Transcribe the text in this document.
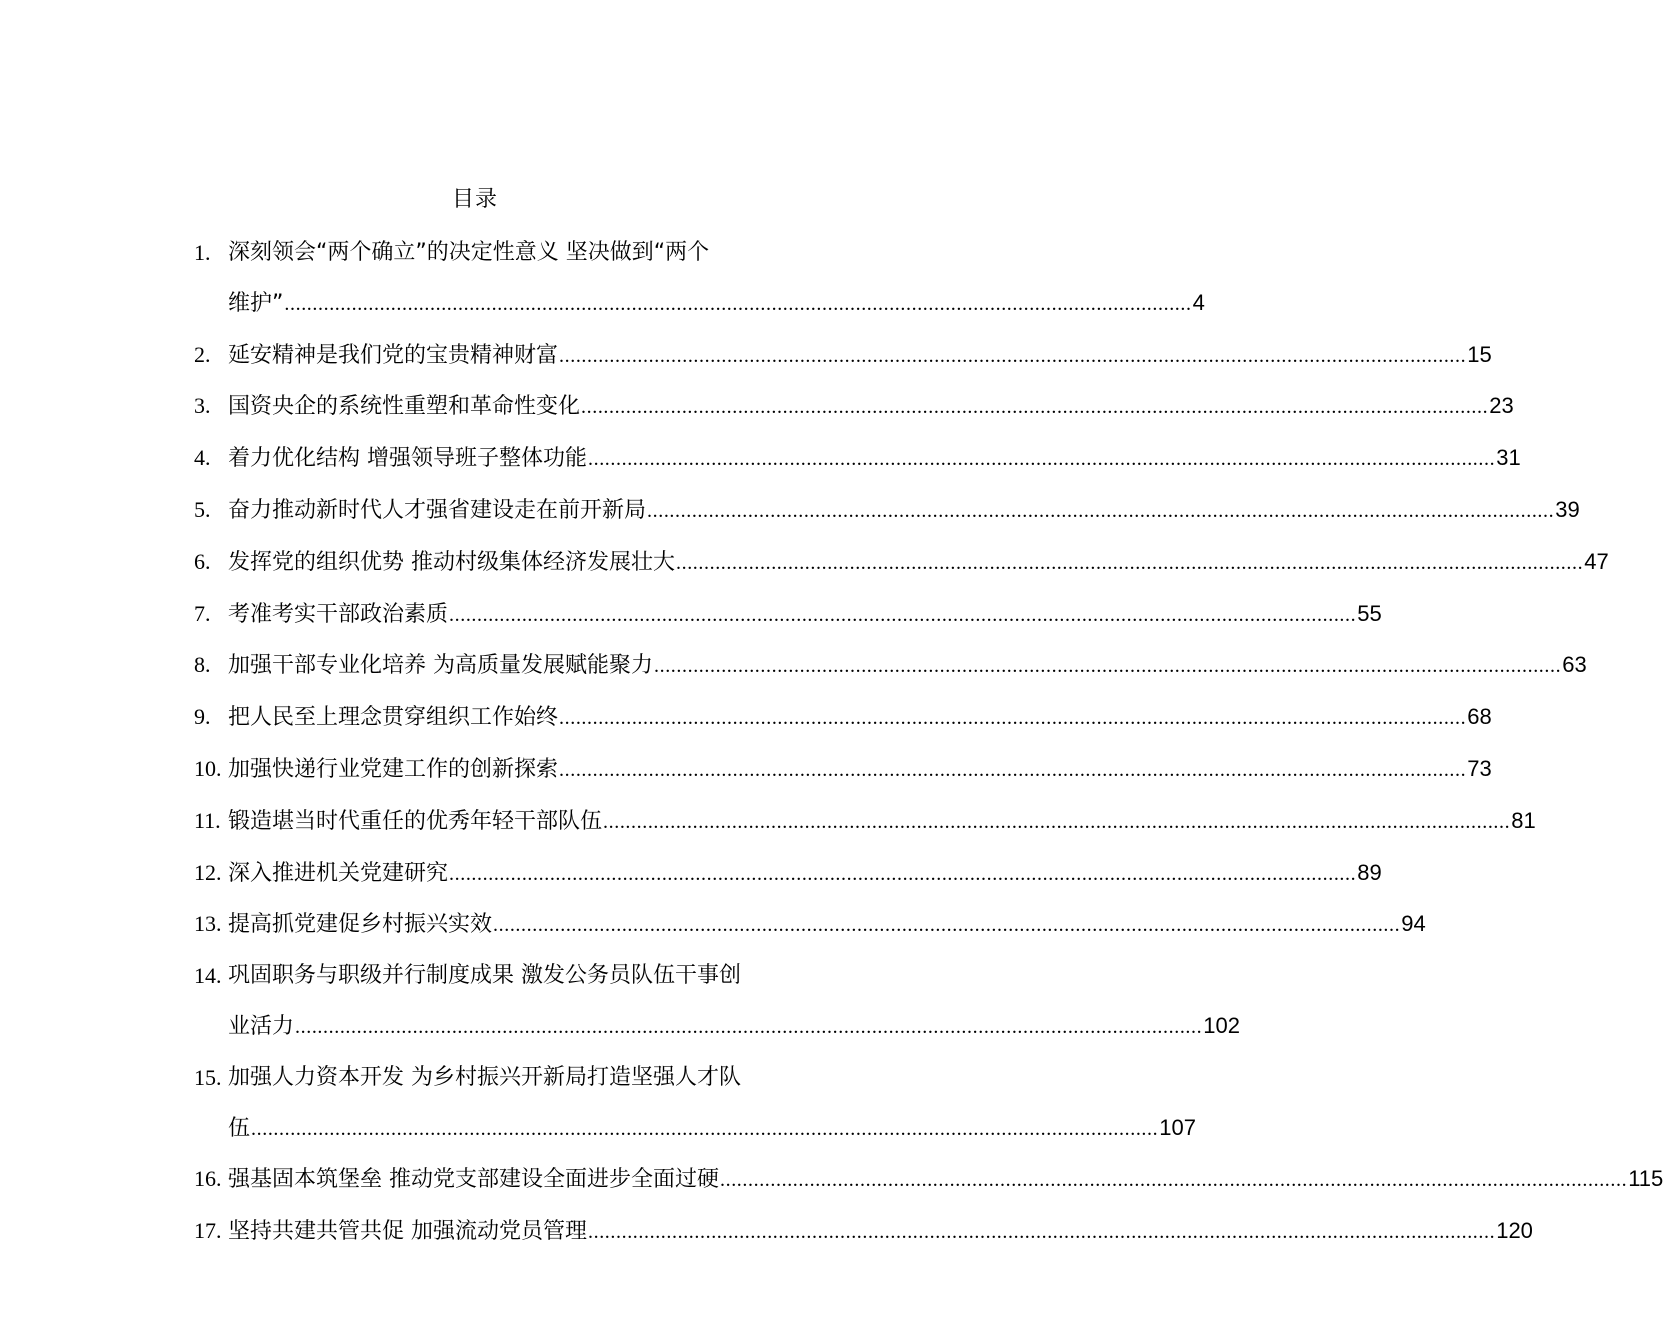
目录
1. 深刻领会“两个确立”的决定性意义 坚决做到“两个
维护” .................................................................................................................................................................. 4
2. 延安精神是我们党的宝贵精神财富 .................................................................................................................................................................. 15
3. 国资央企的系统性重塑和革命性变化 .................................................................................................................................................................. 23
4. 着力优化结构 增强领导班子整体功能 .................................................................................................................................................................. 31
5. 奋力推动新时代人才强省建设走在前开新局 .................................................................................................................................................................. 39
6. 发挥党的组织优势 推动村级集体经济发展壮大 .................................................................................................................................................................. 47
7. 考准考实干部政治素质 .................................................................................................................................................................. 55
8. 加强干部专业化培养 为高质量发展赋能聚力 .................................................................................................................................................................. 63
9. 把人民至上理念贯穿组织工作始终 .................................................................................................................................................................. 68
10. 加强快递行业党建工作的创新探索 .................................................................................................................................................................. 73
11. 锻造堪当时代重任的优秀年轻干部队伍 .................................................................................................................................................................. 81
12. 深入推进机关党建研究 .................................................................................................................................................................. 89
13. 提高抓党建促乡村振兴实效 .................................................................................................................................................................. 94
14. 巩固职务与职级并行制度成果 激发公务员队伍干事创
业活力 .................................................................................................................................................................. 102
15. 加强人力资本开发 为乡村振兴开新局打造坚强人才队
伍 .................................................................................................................................................................. 107
16. 强基固本筑堡垒 推动党支部建设全面进步全面过硬 .................................................................................................................................................................. 115
17. 坚持共建共管共促 加强流动党员管理 .................................................................................................................................................................. 120
